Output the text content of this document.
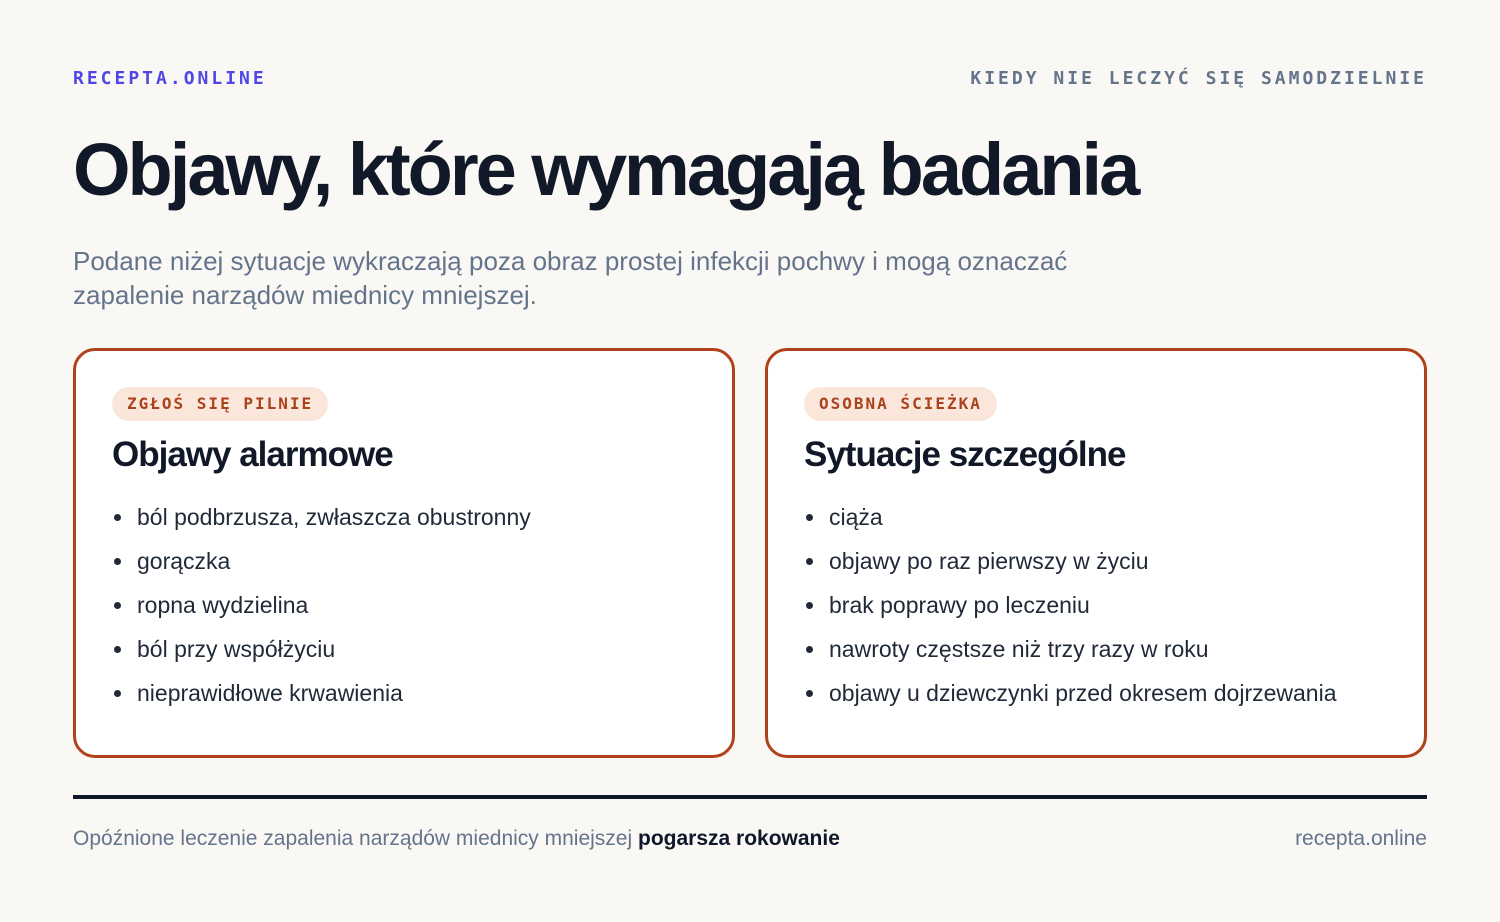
RECEPTA.ONLINE	KIEDY NIE LECZYĆ SIĘ SAMODZIELNIE
Objawy, które wymagają badania

Podane niżej sytuacje wykraczają poza obraz prostej infekcji pochwy i mogą oznaczać zapalenie narządów miednicy mniejszej.

ZGŁOŚ SIĘ PILNIE
Objawy alarmowe
ból podbrzusza, zwłaszcza obustronny
gorączka
ropna wydzielina
ból przy współżyciu
nieprawidłowe krwawienia
OSOBNA ŚCIEŻKA
Sytuacje szczególne
ciąża
objawy po raz pierwszy w życiu
brak poprawy po leczeniu
nawroty częstsze niż trzy razy w roku
objawy u dziewczynki przed okresem dojrzewania

Opóźnione leczenie zapalenia narządów miednicy mniejszej pogarsza rokowanie	recepta.online
